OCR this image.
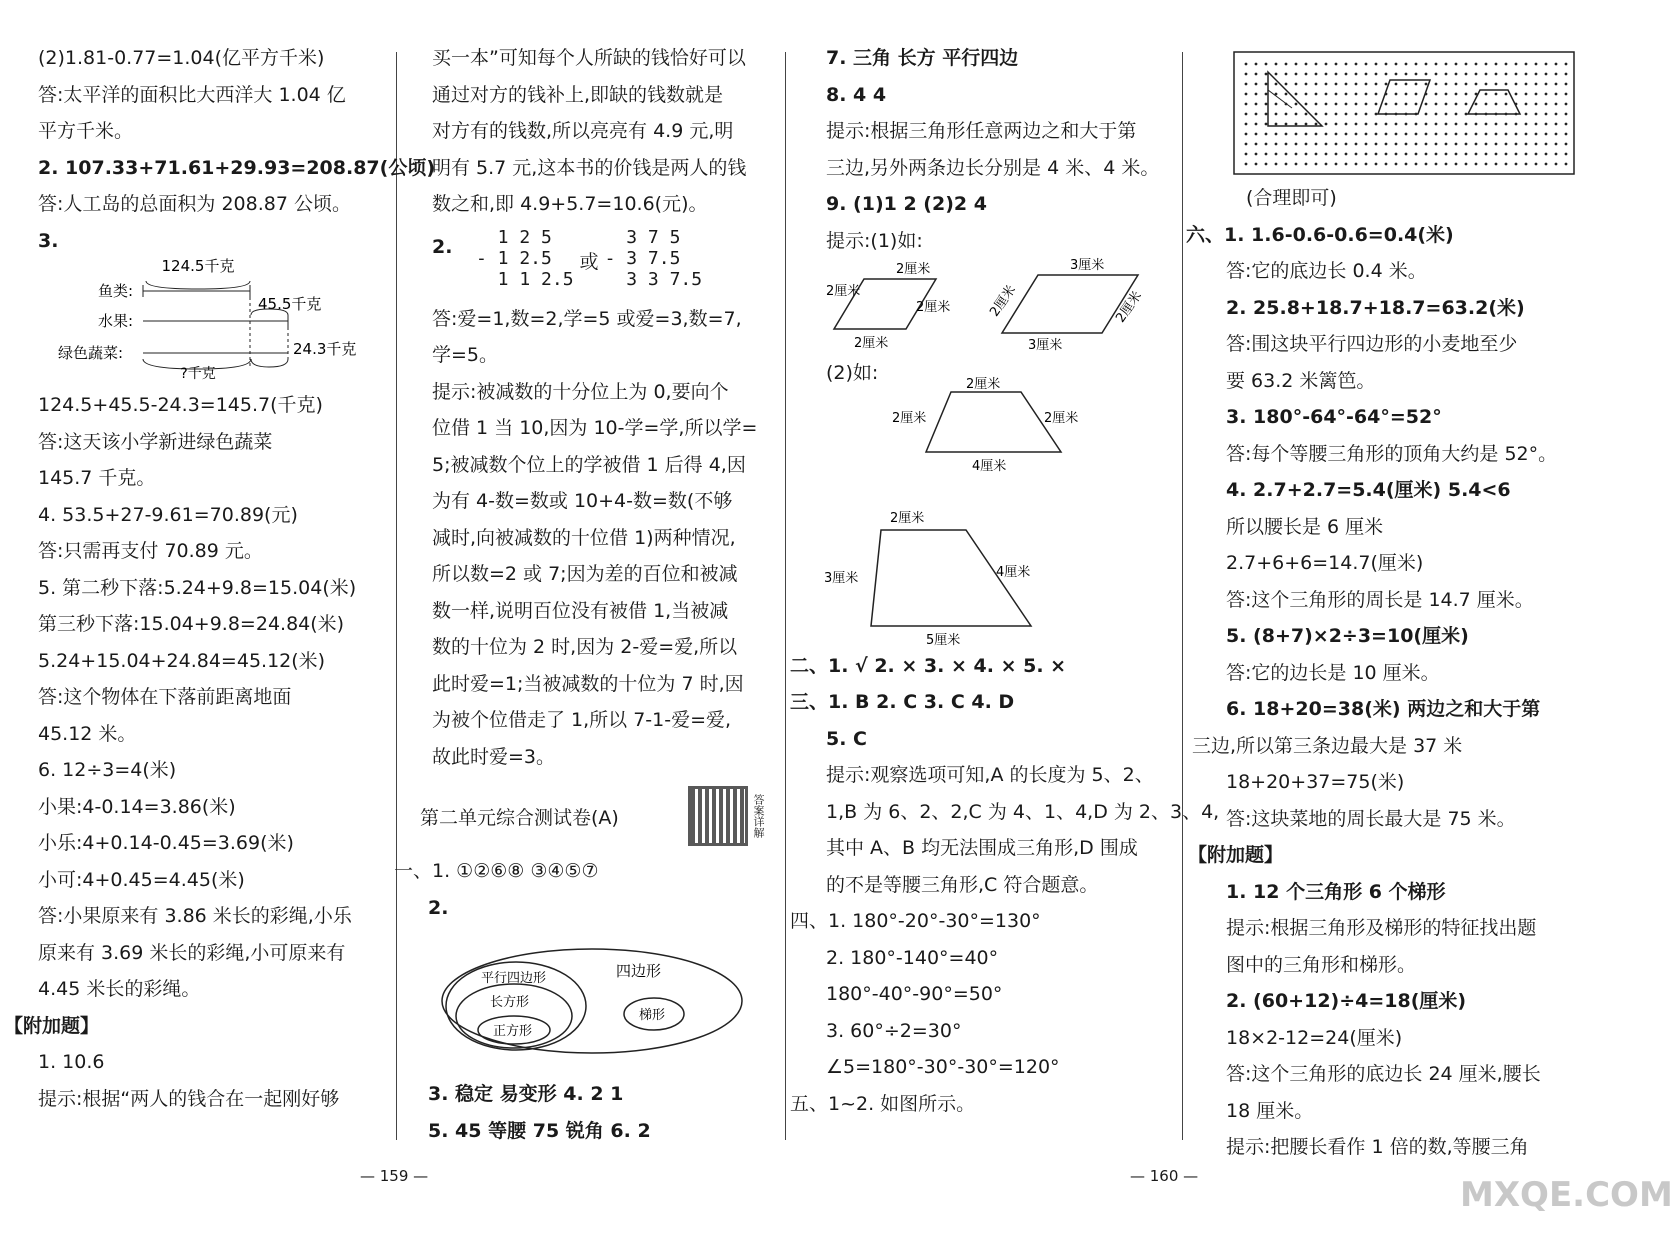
(2)1.81-0.77=1.04(亿平方千米)
答:太平洋的面积比大西洋大 1.04 亿
平方千米。
2. 107.33+71.61+29.93=208.87(公顷)
答:人工岛的总面积为 208.87 公顷。
3.
124.5千克
鱼类:
45.5千克
水果:
24.3千克
绿色蔬菜:
?千克
124.5+45.5-24.3=145.7(千克)
答:这天该小学新进绿色蔬菜
145.7 千克。
4. 53.5+27-9.61=70.89(元)
答:只需再支付 70.89 元。
5. 第二秒下落:5.24+9.8=15.04(米)
第三秒下落:15.04+9.8=24.84(米)
5.24+15.04+24.84=45.12(米)
答:这个物体在下落前距离地面
45.12 米。
6. 12÷3=4(米)
小果:4-0.14=3.86(米)
小乐:4+0.14-0.45=3.69(米)
小可:4+0.45=4.45(米)
答:小果原来有 3.86 米长的彩绳,小乐
原来有 3.69 米长的彩绳,小可原来有
4.45 米长的彩绳。
【附加题】
1. 10.6
提示:根据“两人的钱合在一起刚好够
买一本”可知每个人所缺的钱恰好可以
通过对方的钱补上,即缺的钱数就是
对方有的钱数,所以亮亮有 4.9 元,明
明有 5.7 元,这本书的价钱是两人的钱
数之和,即 4.9+5.7=10.6(元)。
2.	1 2 5
- 1 2.5
1 1 2.5
或
3 7 5
- 3 7.5
3 3 7.5
答:爱=1,数=2,学=5 或爱=3,数=7,
学=5。
提示:被减数的十分位上为 0,要向个
位借 1 当 10,因为 10-学=学,所以学=
5;被减数个位上的学被借 1 后得 4,因
为有 4-数=数或 10+4-数=数(不够
减时,向被减数的十位借 1)两种情况,
所以数=2 或 7;因为差的百位和被减
数一样,说明百位没有被借 1,当被减
数的十位为 2 时,因为 2-爱=爱,所以
此时爱=1;当被减数的十位为 7 时,因
为被个位借走了 1,所以 7-1-爱=爱,
故此时爱=3。
第二单元综合测试卷(A)	答案详解
一、1. ①②⑥⑧ ③④⑤⑦
2.
四边形
平行四边形
长方形
正方形
梯形
3. 稳定 易变形 4. 2 1
5. 45 等腰 75 锐角 6. 2
7. 三角 长方 平行四边
8. 4 4
提示:根据三角形任意两边之和大于第
三边,另外两条边长分别是 4 米、4 米。
9. (1)1 2 (2)2 4
提示:(1)如:
2厘米
2厘米
2厘米
2厘米
3厘米
3厘米
2厘米	2厘米
(2)如:	2厘米
2厘米	2厘米
4厘米
2厘米
3厘米	4厘米
5厘米
二、1. √ 2. × 3. × 4. × 5. ×
三、1. B 2. C 3. C 4. D
5. C
提示:观察选项可知,A 的长度为 5、2、
1,B 为 6、2、2,C 为 4、1、4,D 为 2、3、4,
其中 A、B 均无法围成三角形,D 围成
的不是等腰三角形,C 符合题意。
四、1. 180°-20°-30°=130°
2. 180°-140°=40°
180°-40°-90°=50°
3. 60°÷2=30°
∠5=180°-30°-30°=120°
五、1~2. 如图所示。
(合理即可)
六、1. 1.6-0.6-0.6=0.4(米)
答:它的底边长 0.4 米。
2. 25.8+18.7+18.7=63.2(米)
答:围这块平行四边形的小麦地至少
要 63.2 米篱笆。
3. 180°-64°-64°=52°
答:每个等腰三角形的顶角大约是 52°。
4. 2.7+2.7=5.4(厘米) 5.4<6
所以腰长是 6 厘米
2.7+6+6=14.7(厘米)
答:这个三角形的周长是 14.7 厘米。
5. (8+7)×2÷3=10(厘米)
答:它的边长是 10 厘米。
6. 18+20=38(米) 两边之和大于第
三边,所以第三条边最大是 37 米
18+20+37=75(米)
答:这块菜地的周长最大是 75 米。
【附加题】
1. 12 个三角形 6 个梯形
提示:根据三角形及梯形的特征找出题
图中的三角形和梯形。
2. (60+12)÷4=18(厘米)
18×2-12=24(厘米)
答:这个三角形的底边长 24 厘米,腰长
18 厘米。
提示:把腰长看作 1 倍的数,等腰三角
— 159 —	— 160 —	MXQE.COM
